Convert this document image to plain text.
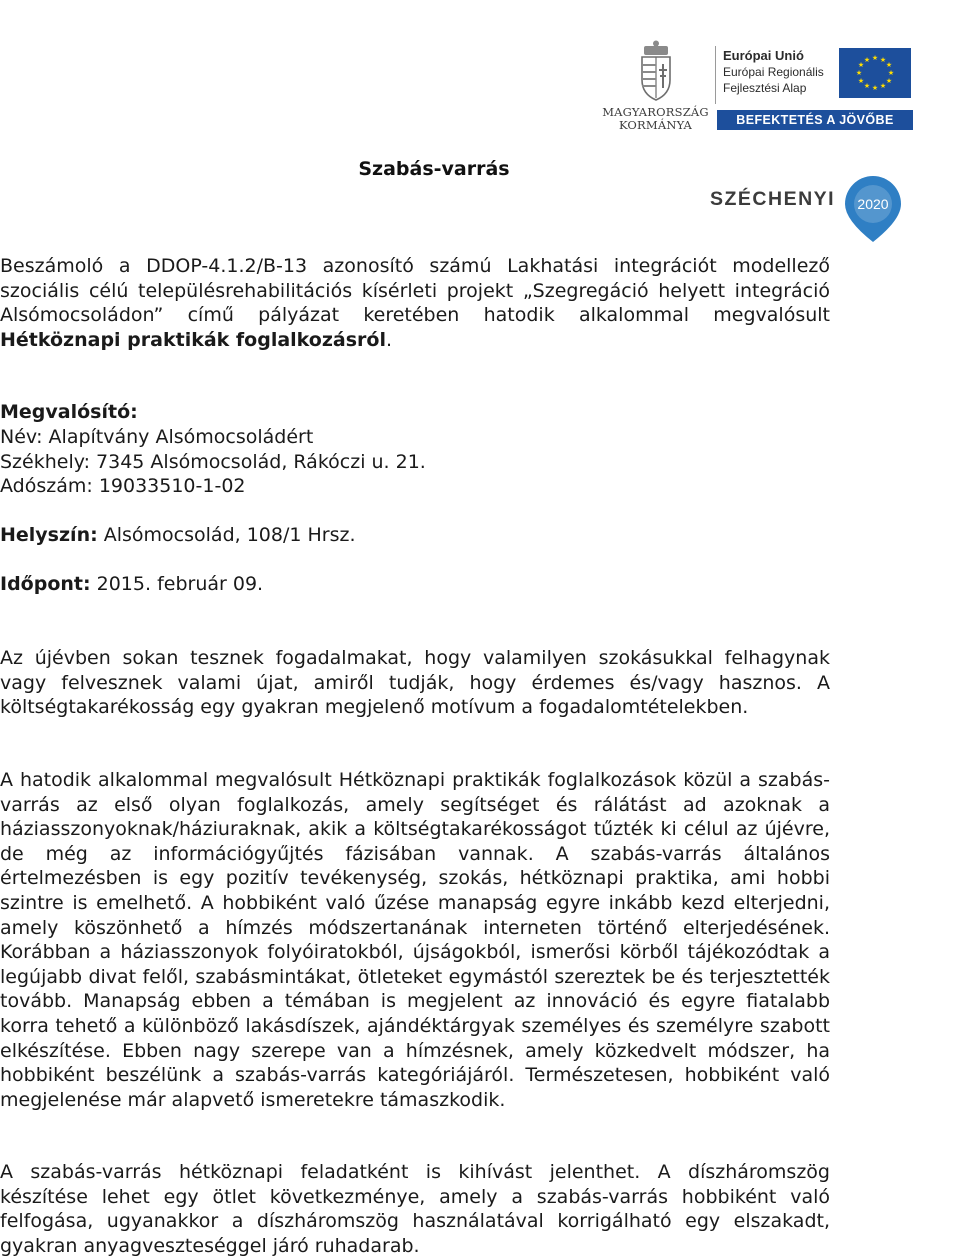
MAGYARORSZÁG
KORMÁNYA
Európai Unió
Európai Regionális
Fejlesztési Alap
★ ★
★
★
★
★
★
★
★
★
★
★
BEFEKTETÉS A JÖVŐBE
SZÉCHENYI 2020
Szabás-varrás

Beszámoló a DDOP-4.1.2/B-13 azonosító számú Lakhatási integrációt modellező szociális célú településrehabilitációs kísérleti projekt „Szegregáció helyett integráció Alsómocsoládon” című pályázat keretében hatodik alkalommal megvalósult Hétköznapi praktikák foglalkozásról.

Megvalósító:

Név: Alapítvány Alsómocsoládért

Székhely: 7345 Alsómocsolád, Rákóczi u. 21.

Adószám: 19033510-1-02

Helyszín: Alsómocsolád, 108/1 Hrsz.

Időpont: 2015. február 09.

Az újévben sokan tesznek fogadalmakat, hogy valamilyen szokásukkal felhagynak vagy felvesznek valami újat, amiről tudják, hogy érdemes és/vagy hasznos. A költségtakarékosság egy gyakran megjelenő motívum a fogadalomtételekben.

A hatodik alkalommal megvalósult Hétköznapi praktikák foglalkozások közül a szabás-varrás az első olyan foglalkozás, amely segítséget és rálátást ad azoknak a háziasszonyoknak/háziuraknak, akik a költségtakarékosságot tűzték ki célul az újévre, de még az információgyűjtés fázisában vannak. A szabás-varrás általános értelmezésben is egy pozitív tevékenység, szokás, hétköznapi praktika, ami hobbi szintre is emelhető. A hobbiként való űzése manapság egyre inkább kezd elterjedni, amely köszönhető a hímzés módszertanának interneten történő elterjedésének. Korábban a háziasszonyok folyóiratokból, újságokból, ismerősi körből tájékozódtak a legújabb divat felől, szabásmintákat, ötleteket egymástól szereztek be és terjesztették tovább. Manapság ebben a témában is megjelent az innováció és egyre fiatalabb korra tehető a különböző lakásdíszek, ajándéktárgyak személyes és személyre szabott elkészítése. Ebben nagy szerepe van a hímzésnek, amely közkedvelt módszer, ha hobbiként beszélünk a szabás-varrás kategóriájáról. Természetesen, hobbiként való megjelenése már alapvető ismeretekre támaszkodik.

A szabás-varrás hétköznapi feladatként is kihívást jelenthet. A díszháromszög készítése lehet egy ötlet következménye, amely a szabás-varrás hobbiként való felfogása, ugyanakkor a díszháromszög használatával korrigálható egy elszakadt, gyakran anyagveszteséggel járó ruhadarab.
